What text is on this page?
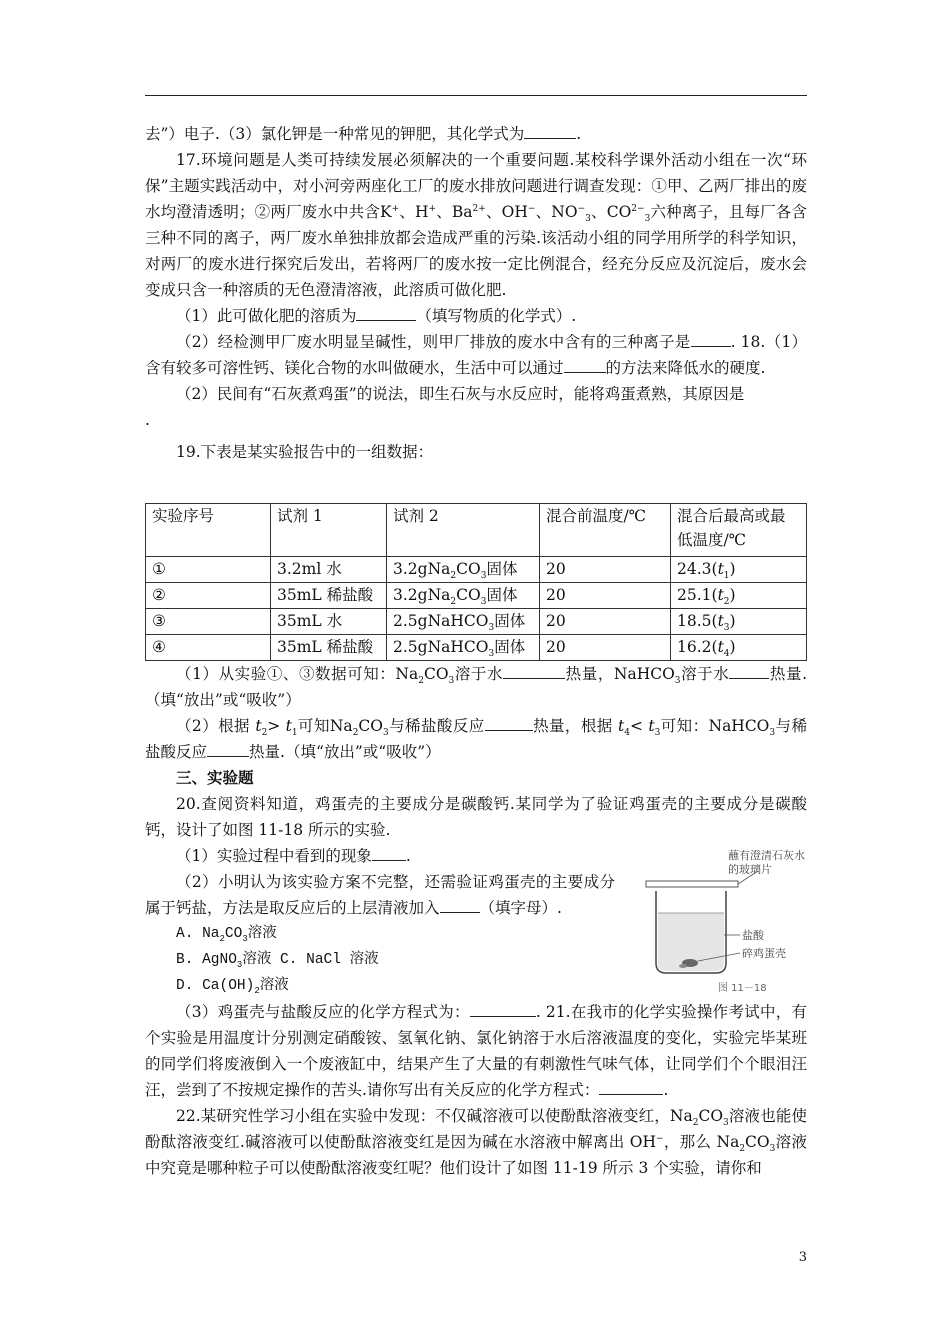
去”）电子.（3）氯化钾是一种常见的钾肥，其化学式为	.

17.环境问题是人类可持续发展必须解决的一个重要问题.某校科学课外活动小组在一次“环保”主题实践活动中，对小河旁两座化工厂的废水排放问题进行调查发现：①甲、乙两厂排出的废水均澄清透明；②两厂废水中共含K+、H+、$Ba^{2+}$、OH−、$NO^-_3$、$CO^{2-}_3$六种离子，且每厂各含三种不同的离子，两厂废水单独排放都会造成严重的污染.该活动小组的同学用所学的科学知识，对两厂的废水进行探究后发出，若将两厂的废水按一定比例混合，经充分反应及沉淀后，废水会变成只含一种溶质的无色澄清溶液，此溶质可做化肥.

（1）此可做化肥的溶质为	（填写物质的化学式）.

（2）经检测甲厂废水明显呈碱性，则甲厂排放的废水中含有的三种离子是	. 18.（1）含有较多可溶性钙、镁化合物的水叫做硬水，生活中可以通过	的方法来降低水的硬度.

（2）民间有“石灰煮鸡蛋”的说法，即生石灰与水反应时，能将鸡蛋煮熟，其原因是

.

19.下表是某实验报告中的一组数据：

实验序号	试剂 1	试剂 2	混合前温度/℃	混合后最高或最低温度/℃
①	3.2ml 水	$3.2gNa_2CO_3$固体	20	$24.3(t_1)$
②	35mL 稀盐酸	$3.2gNa_2CO_3$固体	20	$25.1(t_2)$
③	35mL 水	2.5gNaHCO$_3$固体	20	$18.5(t_3)$
④	35mL 稀盐酸	2.5gNaHCO$_3$固体	20	$16.2(t_4)$

（1）从实验①、③数据可知：$Na_2CO_3$溶于水	热量，NaHCO$_3$溶于水	热量.（填“放出”或“吸收”）

（2）根据 $t_2> t_1$可知$Na_2CO_3$与稀盐酸反应	热量，根据 $t_4< t_3$可知：NaHCO$_3$与稀盐酸反应	热量.（填“放出”或“吸收”）

三、实验题

20.查阅资料知道，鸡蛋壳的主要成分是碳酸钙.某同学为了验证鸡蛋壳的主要成分是碳酸钙，设计了如图 11-18 所示的实验.

（1）实验过程中看到的现象 .

（2）小明认为该实验方案不完整，还需验证鸡蛋壳的主要成分属于钙盐，方法是取反应后的上层清液加入	（填字母）.

A. $Na_2CO_3$溶液

B. AgNO$_3$溶液 C. NaCl 溶液

D. $Ca(OH)_2$溶液

（3）鸡蛋壳与盐酸反应的化学方程式为：	. 21.在我市的化学实验操作考试中，有个实验是用温度计分别测定硝酸铵、氢氧化钠、氯化钠溶于水后溶液温度的变化，实验完毕某班的同学们将废液倒入一个废液缸中，结果产生了大量的有刺激性气味气体，让同学们个个眼泪汪汪，尝到了不按规定操作的苦头.请你写出有关反应的化学方程式：	.

22.某研究性学习小组在实验中发现：不仅碱溶液可以使酚酞溶液变红，$Na_2CO_3$溶液也能使酚酞溶液变红.碱溶液可以使酚酞溶液变红是因为碱在水溶液中解离出 OH−，那么 $Na_2CO_3$溶液中究竟是哪种粒子可以使酚酞溶液变红呢？他们设计了如图 11-19 所示 3 个实验，请你和

蘸有澄清石灰水
的玻璃片
盐酸
碎鸡蛋壳
图 11－18
3
